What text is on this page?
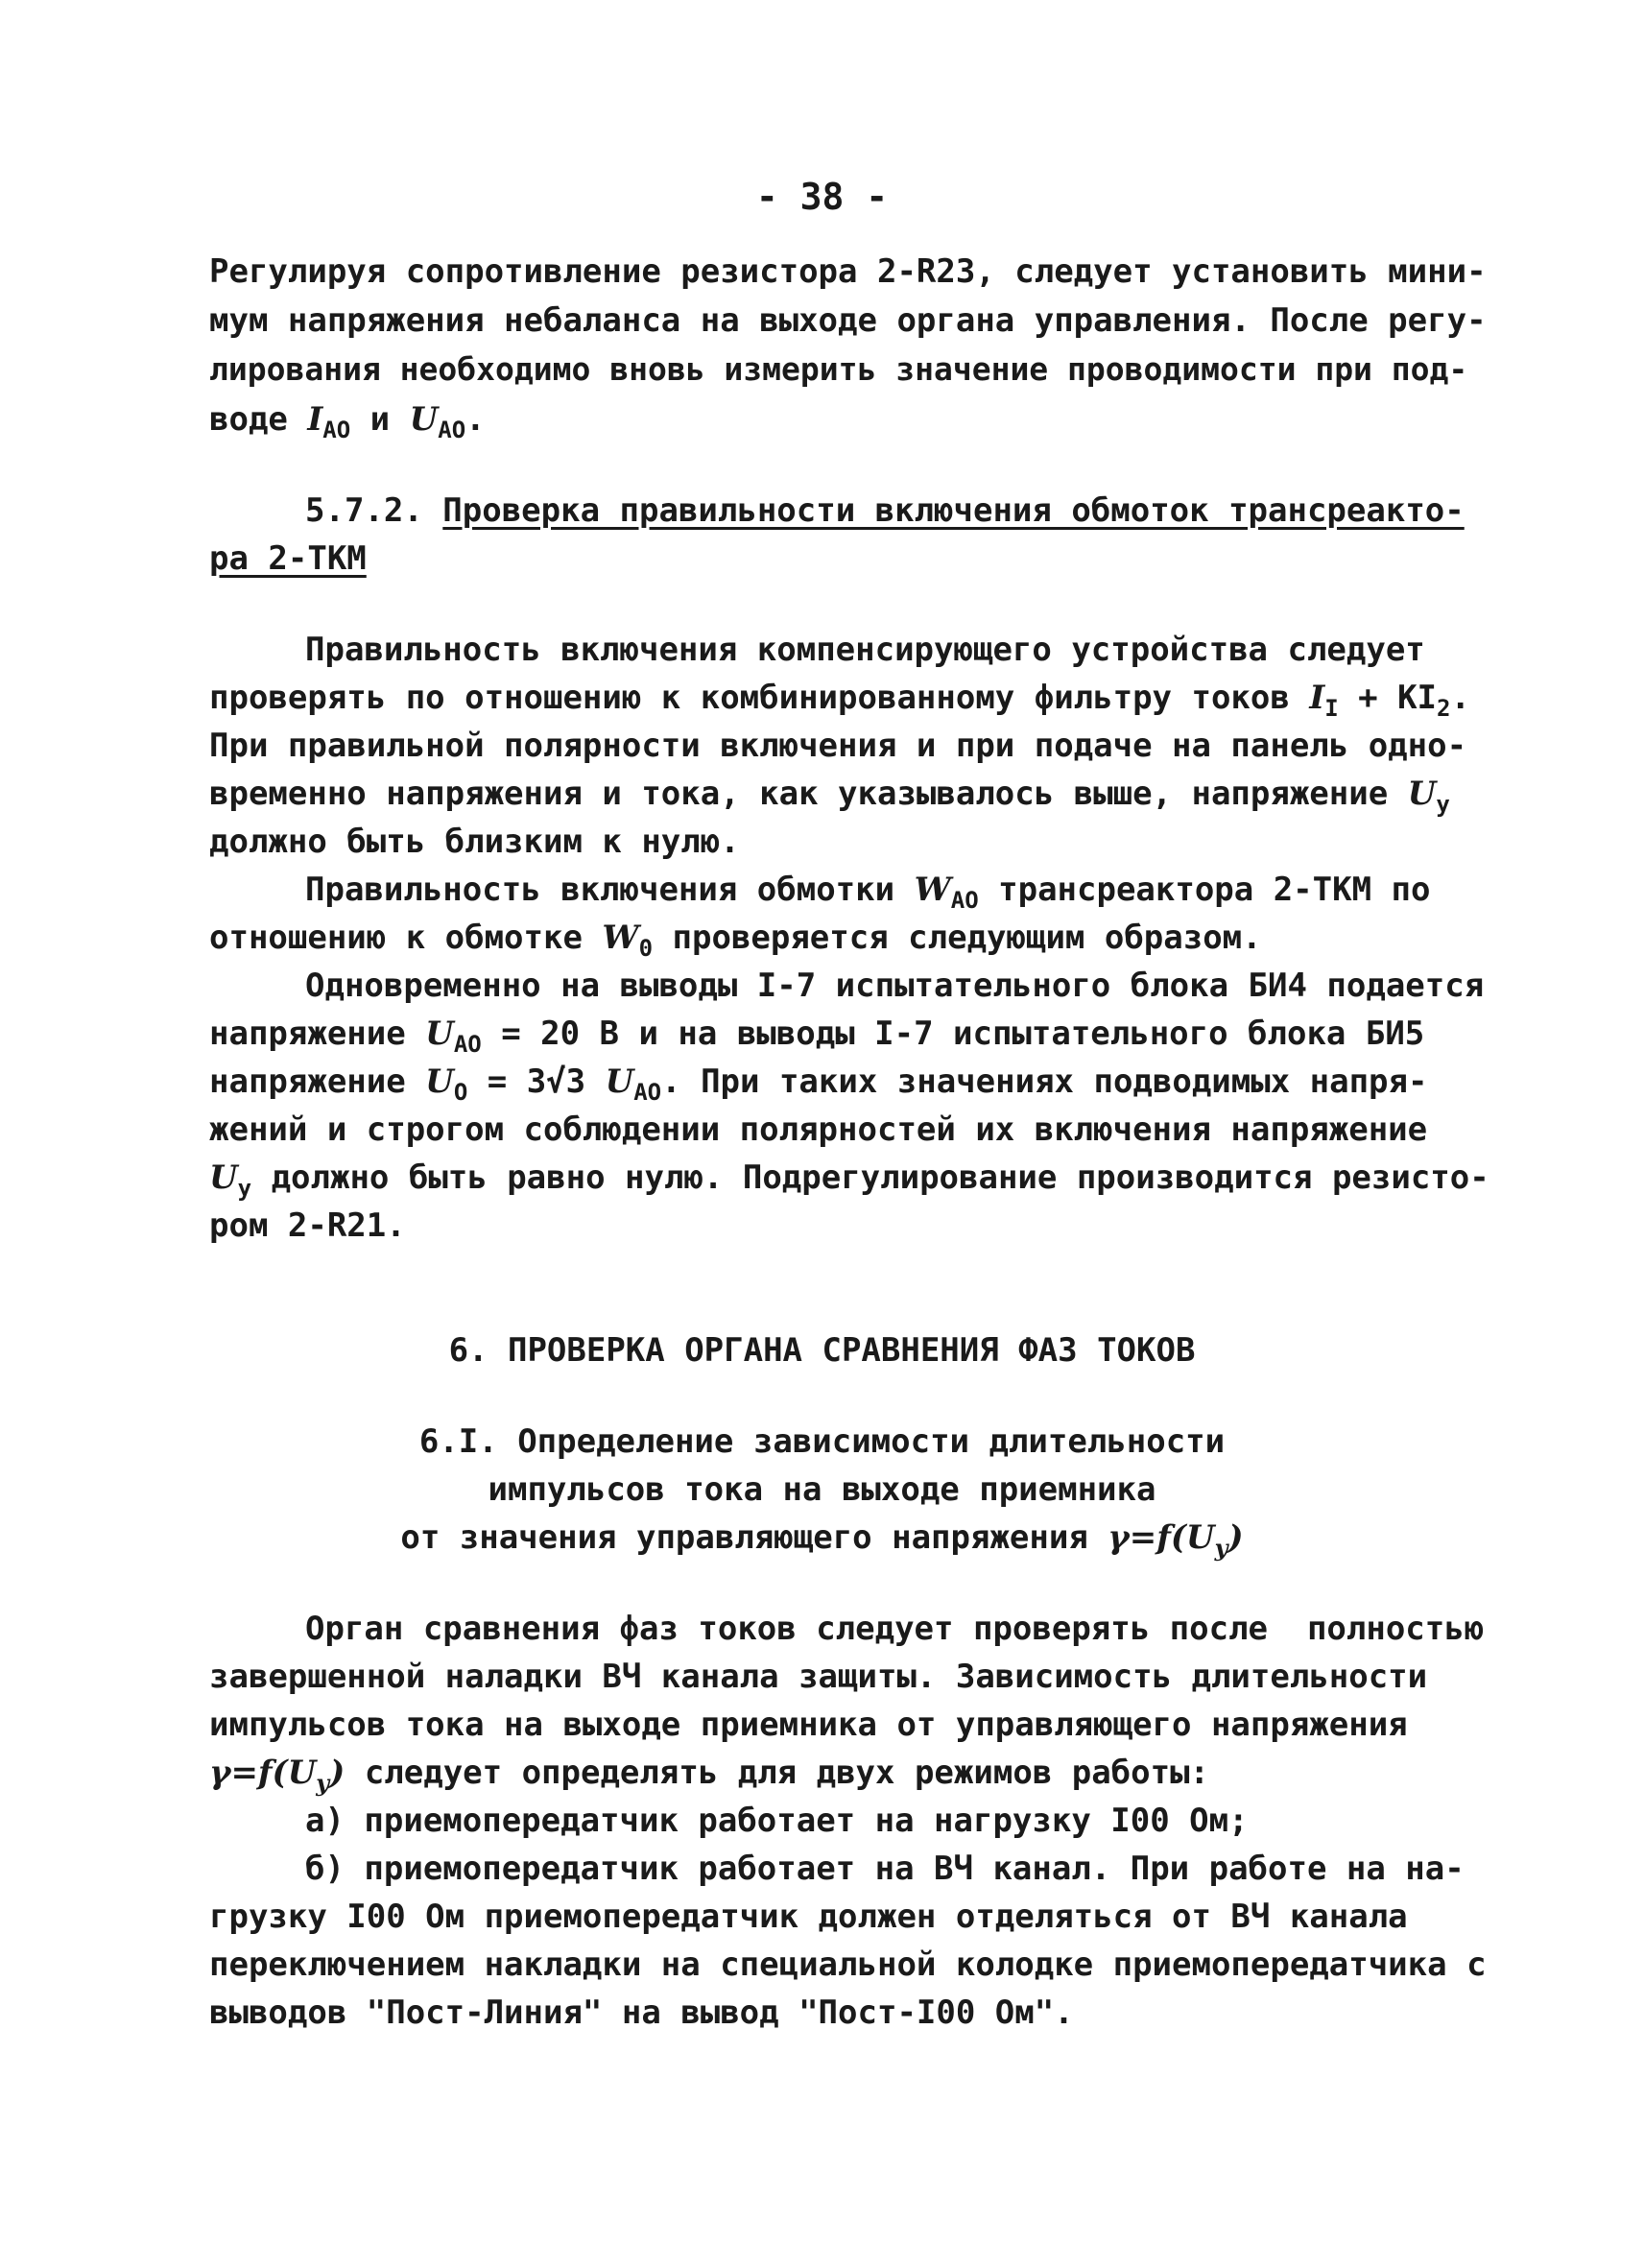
- 38 -
Регулируя сопротивление резистора 2-R23, следует установить мини-
мум напряжения небаланса на выходе органа управления. После регу-
лирования необходимо вновь измерить значение проводимости при под-
воде $I_{AO}$ и $U_{AO}$.
5.7.2. Проверка правильности включения обмоток трансреакто-
ра 2-ТКМ
Правильность включения компенсирующего устройства следует
проверять по отношению к комбинированному фильтру токов $I_I + KI_2$.
При правильной полярности включения и при подаче на панель одно-
временно напряжения и тока, как указывалось выше, напряжение $U_y$
должно быть близким к нулю.
Правильность включения обмотки $W_{AO}$ трансреактора 2-ТКМ по
отношению к обмотке $W_0$ проверяется следующим образом.
Одновременно на выводы I-7 испытательного блока БИ4 подается
напряжение $U_{AO} = 20$ В и на выводы I-7 испытательного блока БИ5
напряжение $U_O = 3√3$ $U_{AO}$. При таких значениях подводимых напря-
жений и строгом соблюдении полярностей их включения напряжение
$U_y$ должно быть равно нулю. Подрегулирование производится резисто-
ром 2-R21.
6. ПРОВЕРКА ОРГАНА СРАВНЕНИЯ ФАЗ ТОКОВ
6.I. Определение зависимости длительности
импульсов тока на выходе приемника
от значения управляющего напряжения $\gamma=f(U_y)$
Орган сравнения фаз токов следует проверять после  полностью
завершенной наладки ВЧ канала защиты. Зависимость длительности
импульсов тока на выходе приемника от управляющего напряжения
$\gamma=f(U_y)$ следует определять для двух режимов работы:
а) приемопередатчик работает на нагрузку I00 Ом;
б) приемопередатчик работает на ВЧ канал. При работе на на-
грузку I00 Ом приемопередатчик должен отделяться от ВЧ канала
переключением накладки на специальной колодке приемопередатчика с
выводов "Пост-Линия" на вывод "Пост-I00 Ом".
